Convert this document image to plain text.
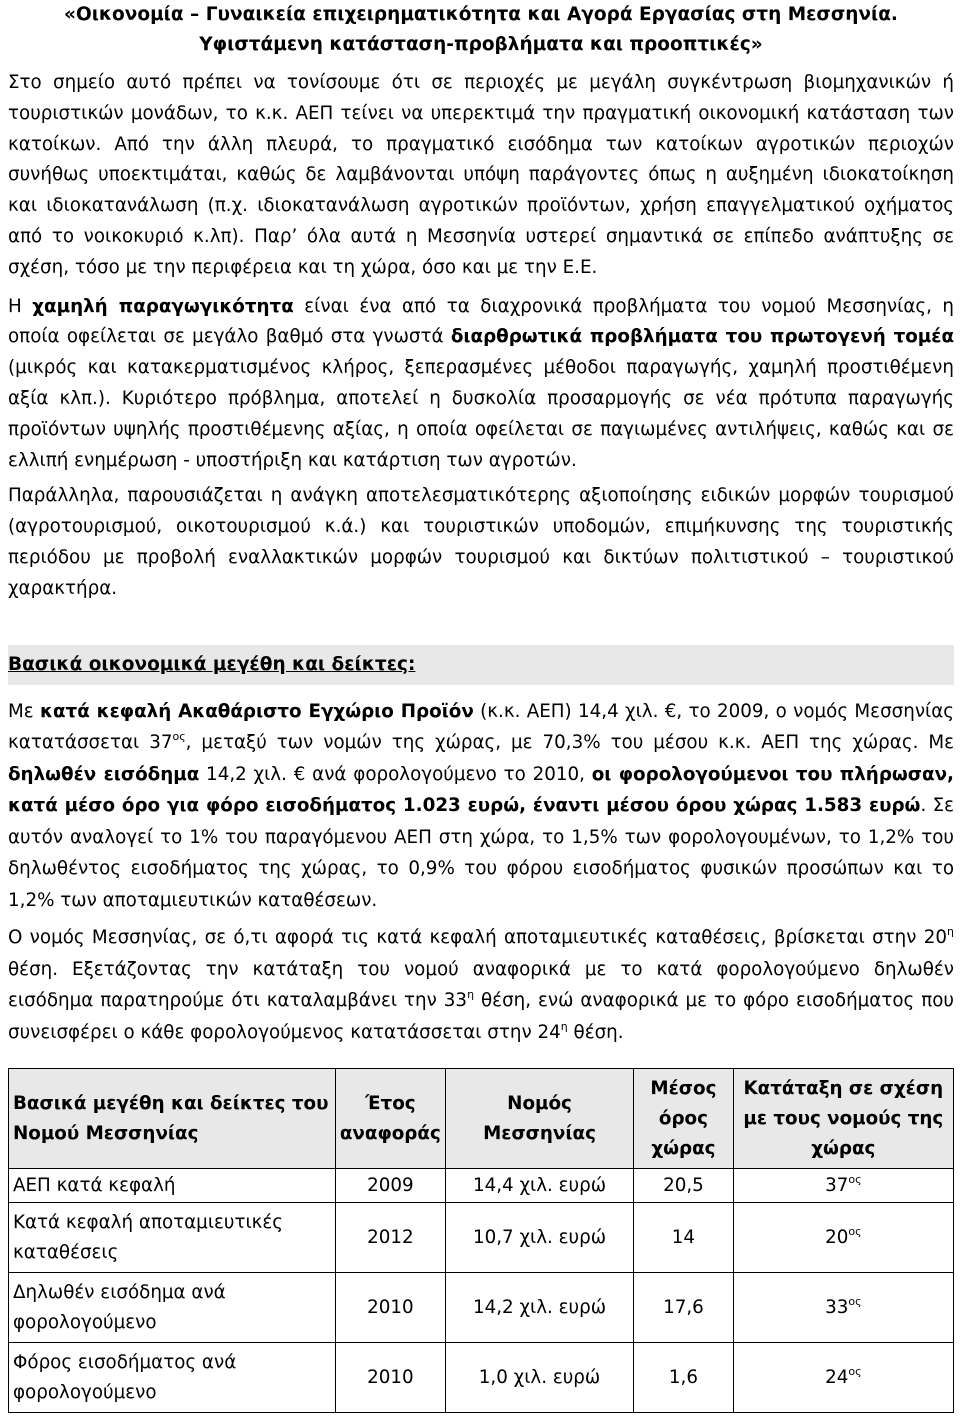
«Οικονομία – Γυναικεία επιχειρηματικότητα και Αγορά Εργασίας στη Μεσσηνία.
Υφιστάμενη κατάσταση-προβλήματα και προοπτικές»

Στο σημείο αυτό πρέπει να τονίσουμε ότι σε περιοχές με μεγάλη συγκέντρωση βιομηχανικών ή τουριστικών μονάδων, το κ.κ. ΑΕΠ τείνει να υπερεκτιμά την πραγματική οικονομική κατάσταση των κατοίκων. Από την άλλη πλευρά, το πραγματικό εισόδημα των κατοίκων αγροτικών περιοχών συνήθως υποεκτιμάται, καθώς δε λαμβάνονται υπόψη παράγοντες όπως η αυξημένη ιδιοκατοίκηση και ιδιοκατανάλωση (π.χ. ιδιοκατανάλωση αγροτικών προϊόντων, χρήση επαγγελματικού οχήματος από το νοικοκυριό κ.λπ). Παρ’ όλα αυτά η Μεσσηνία υστερεί σημαντικά σε επίπεδο ανάπτυξης σε σχέση, τόσο με την περιφέρεια και τη χώρα, όσο και με την Ε.Ε.

Η χαμηλή παραγωγικότητα είναι ένα από τα διαχρονικά προβλήματα του νομού Μεσσηνίας, η οποία οφείλεται σε μεγάλο βαθμό στα γνωστά διαρθρωτικά προβλήματα του πρωτογενή τομέα (μικρός και κατακερματισμένος κλήρος, ξεπερασμένες μέθοδοι παραγωγής, χαμηλή προστιθέμενη αξία κλπ.). Κυριότερο πρόβλημα, αποτελεί η δυσκολία προσαρμογής σε νέα πρότυπα παραγωγής προϊόντων υψηλής προστιθέμενης αξίας, η οποία οφείλεται σε παγιωμένες αντιλήψεις, καθώς και σε ελλιπή ενημέρωση - υποστήριξη και κατάρτιση των αγροτών.

Παράλληλα, παρουσιάζεται η ανάγκη αποτελεσματικότερης αξιοποίησης ειδικών μορφών τουρισμού (αγροτουρισμού, οικοτουρισμού κ.ά.) και τουριστικών υποδομών, επιμήκυνσης της τουριστικής περιόδου με προβολή εναλλακτικών μορφών τουρισμού και δικτύων πολιτιστικού – τουριστικού χαρακτήρα.

Βασικά οικονομικά μεγέθη και δείκτες:

Με κατά κεφαλή Ακαθάριστο Εγχώριο Προϊόν (κ.κ. ΑΕΠ) 14,4 χιλ. €, το 2009, ο νομός Μεσσηνίας κατατάσσεται $37^{o\varsigma}$, μεταξύ των νομών της χώρας, με 70,3% του μέσου κ.κ. ΑΕΠ της χώρας. Με δηλωθέν εισόδημα 14,2 χιλ. € ανά φορολογούμενο το 2010, οι φορολογούμενοι του πλήρωσαν, κατά μέσο όρο για φόρο εισοδήματος 1.023 ευρώ, έναντι μέσου όρου χώρας 1.583 ευρώ. Σε αυτόν αναλογεί το 1% του παραγόμενου ΑΕΠ στη χώρα, το 1,5% των φορολογουμένων, το 1,2% του δηλωθέντος εισοδήματος της χώρας, το 0,9% του φόρου εισοδήματος φυσικών προσώπων και το 1,2% των αποταμιευτικών καταθέσεων.

Ο νομός Μεσσηνίας, σε ό,τι αφορά τις κατά κεφαλή αποταμιευτικές καταθέσεις, βρίσκεται στην $20^\eta$ θέση. Εξετάζοντας την κατάταξη του νομού αναφορικά με το κατά φορολογούμενο δηλωθέν εισόδημα παρατηρούμε ότι καταλαμβάνει την $33^\eta$ θέση, ενώ αναφορικά με το φόρο εισοδήματος που συνεισφέρει ο κάθε φορολογούμενος κατατάσσεται στην $24^\eta$ θέση.

Βασικά μεγέθη και δείκτες του Νομού Μεσσηνίας	Έτος αναφοράς	Νομός Μεσσηνίας	Μέσος όρος χώρας	Κατάταξη σε σχέση με τους νομούς της χώρας
ΑΕΠ κατά κεφαλή	2009	14,4 χιλ. ευρώ	20,5	$37^{o\varsigma}$
Κατά κεφαλή αποταμιευτικές καταθέσεις	2012	10,7 χιλ. ευρώ	14	$20^{o\varsigma}$
Δηλωθέν εισόδημα ανά φορολογούμενο	2010	14,2 χιλ. ευρώ	17,6	$33^{o\varsigma}$
Φόρος εισοδήματος ανά φορολογούμενο	2010	1,0 χιλ. ευρώ	1,6	$24^{o\varsigma}$
